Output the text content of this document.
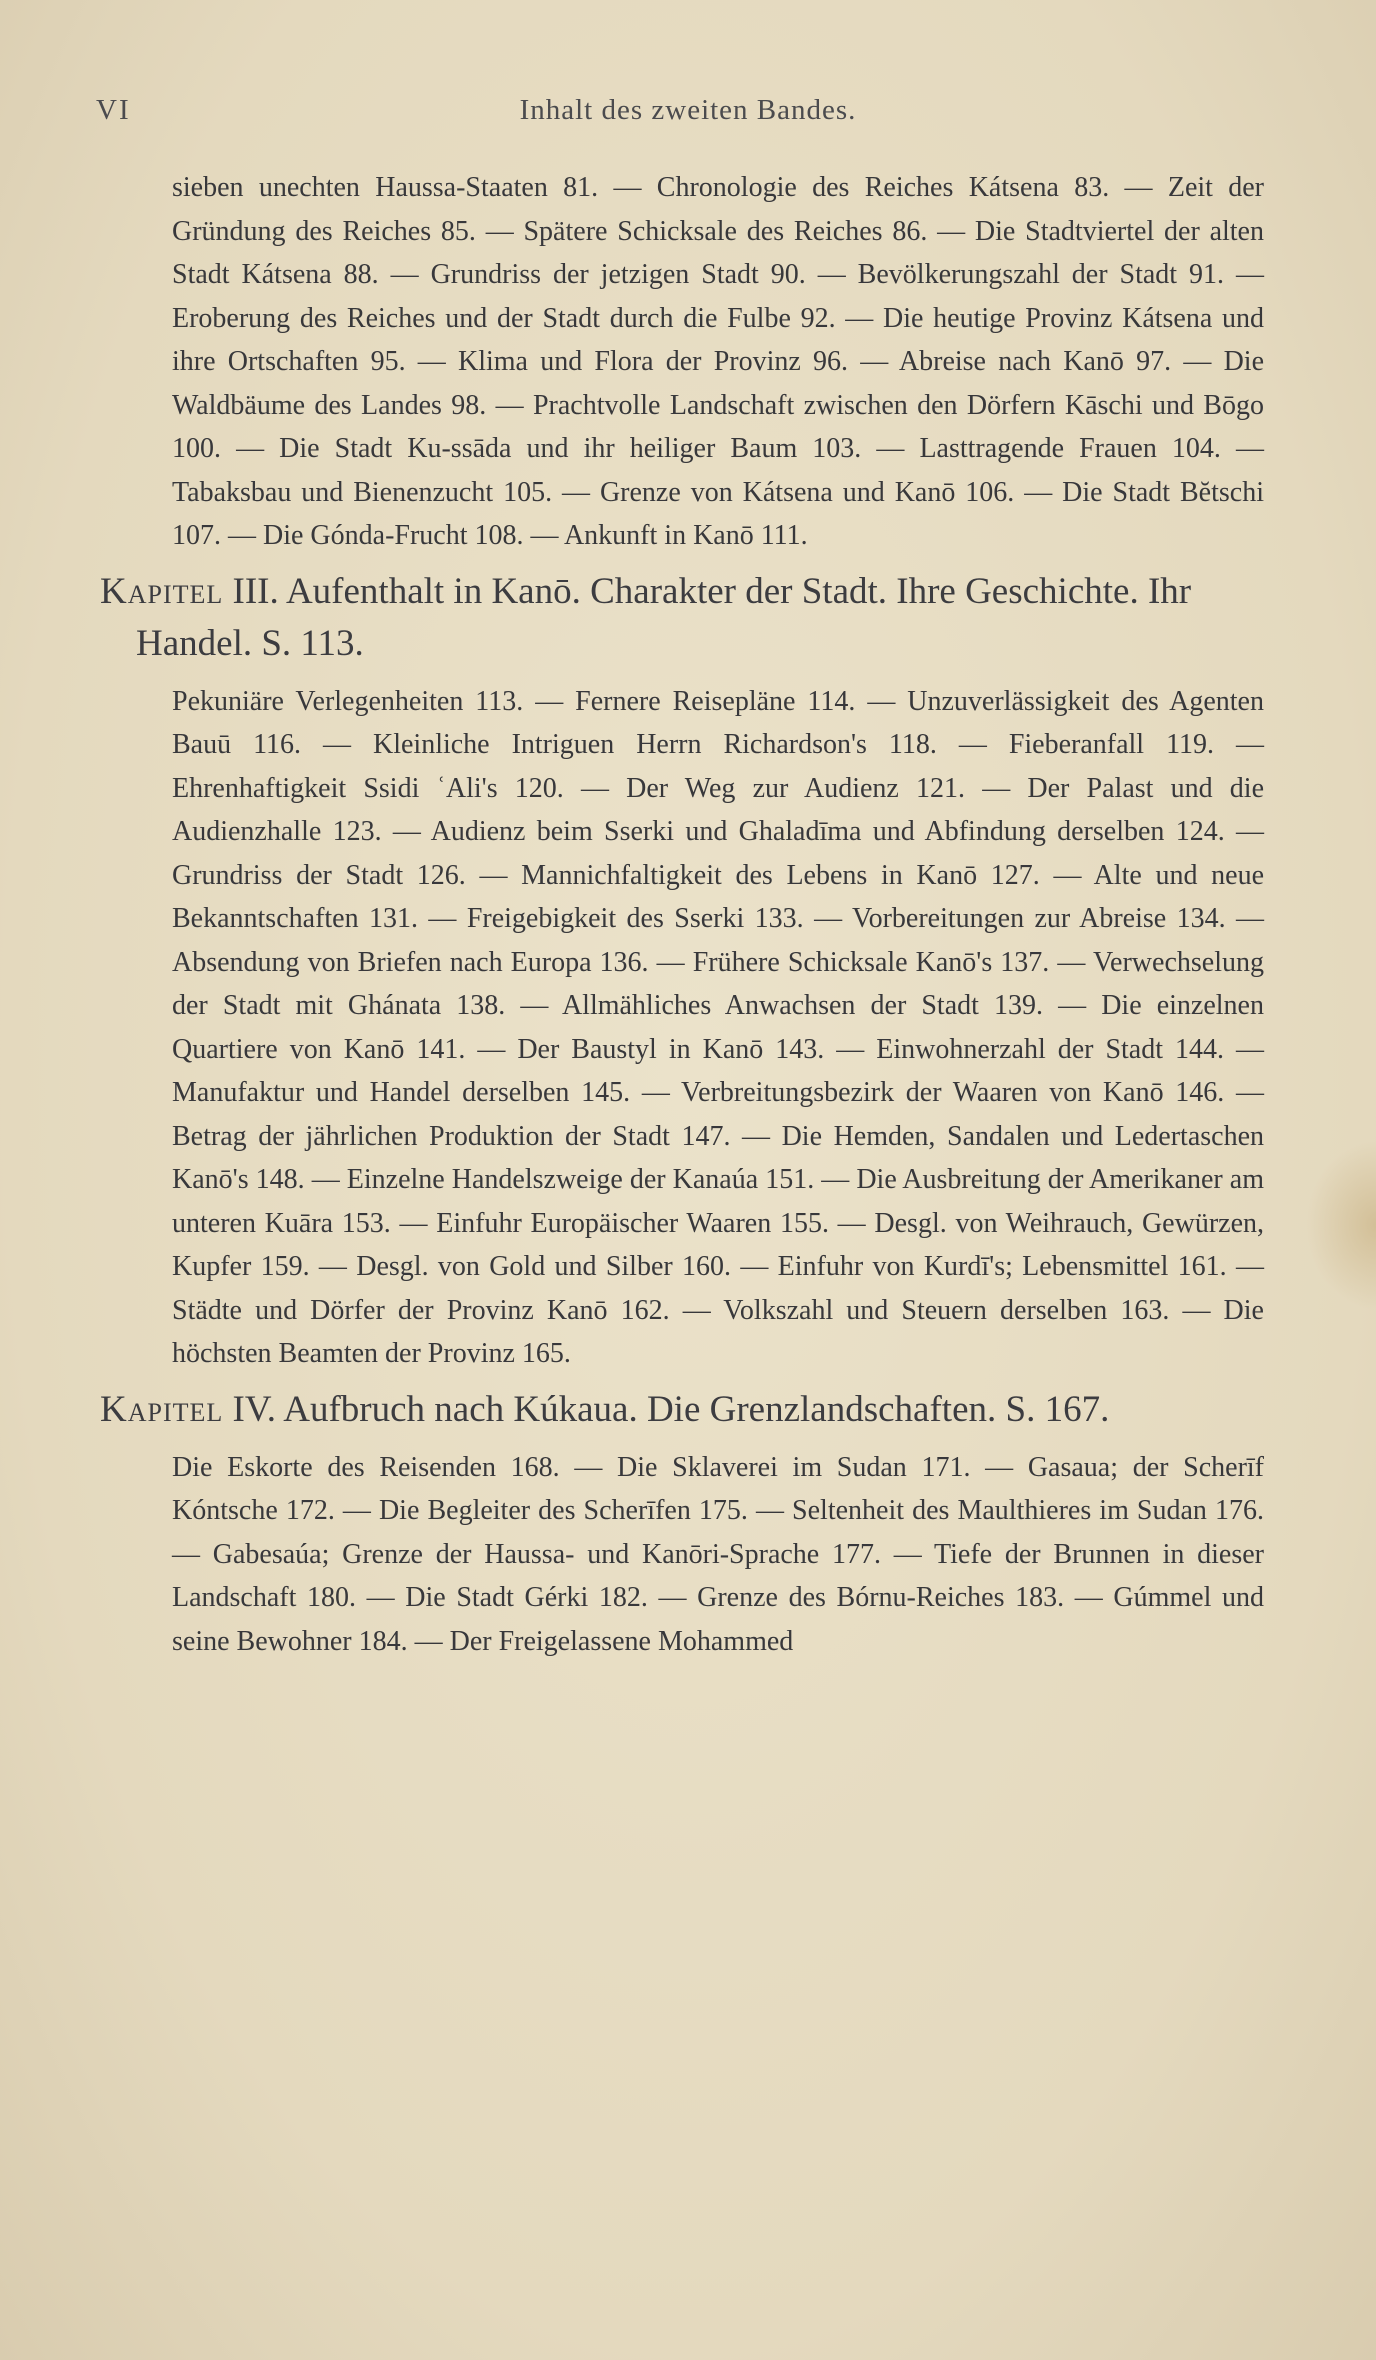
VI	Inhalt des zweiten Bandes.

sieben unechten Haussa-Staaten 81. — Chronologie des Reiches Kátsena 83. — Zeit der Gründung des Reiches 85. — Spätere Schicksale des Reiches 86. — Die Stadtviertel der alten Stadt Kátsena 88. — Grundriss der jetzigen Stadt 90. — Bevölkerungszahl der Stadt 91. — Eroberung des Reiches und der Stadt durch die Fulbe 92. — Die heutige Provinz Kátsena und ihre Ortschaften 95. — Klima und Flora der Provinz 96. — Abreise nach Kanō 97. — Die Waldbäume des Landes 98. — Prachtvolle Landschaft zwischen den Dörfern Kāschi und Bōgo 100. — Die Stadt Ku-ssāda und ihr heiliger Baum 103. — Lasttragende Frauen 104. — Tabaksbau und Bienenzucht 105. — Grenze von Kátsena und Kanō 106. — Die Stadt Bĕtschi 107. — Die Gónda-Frucht 108. — Ankunft in Kanō 111.

Kapitel III. Aufenthalt in Kanō. Charakter der Stadt. Ihre Geschichte. Ihr Handel. S. 113.

Pekuniäre Verlegenheiten 113. — Fernere Reisepläne 114. — Unzuverlässigkeit des Agenten Bauū 116. — Kleinliche Intriguen Herrn Richardson's 118. — Fieberanfall 119. — Ehrenhaftigkeit Ssidi ʿAli's 120. — Der Weg zur Audienz 121. — Der Palast und die Audienzhalle 123. — Audienz beim Sserki und Ghaladīma und Abfindung derselben 124. — Grundriss der Stadt 126. — Mannichfaltigkeit des Lebens in Kanō 127. — Alte und neue Bekanntschaften 131. — Freigebigkeit des Sserki 133. — Vorbereitungen zur Abreise 134. — Absendung von Briefen nach Europa 136. — Frühere Schicksale Kanō's 137. — Verwechselung der Stadt mit Ghánata 138. — Allmähliches Anwachsen der Stadt 139. — Die einzelnen Quartiere von Kanō 141. — Der Baustyl in Kanō 143. — Einwohnerzahl der Stadt 144. — Manufaktur und Handel derselben 145. — Verbreitungsbezirk der Waaren von Kanō 146. — Betrag der jährlichen Produktion der Stadt 147. — Die Hemden, Sandalen und Ledertaschen Kanō's 148. — Einzelne Handelszweige der Kanaúa 151. — Die Ausbreitung der Amerikaner am unteren Kuāra 153. — Einfuhr Europäischer Waaren 155. — Desgl. von Weihrauch, Gewürzen, Kupfer 159. — Desgl. von Gold und Silber 160. — Einfuhr von Kurdī's; Lebensmittel 161. — Städte und Dörfer der Provinz Kanō 162. — Volkszahl und Steuern derselben 163. — Die höchsten Beamten der Provinz 165.

Kapitel IV. Aufbruch nach Kúkaua. Die Grenzlandschaften. S. 167.

Die Eskorte des Reisenden 168. — Die Sklaverei im Sudan 171. — Gasaua; der Scherīf Kóntsche 172. — Die Begleiter des Scherīfen 175. — Seltenheit des Maulthieres im Sudan 176. — Gabesaúa; Grenze der Haussa- und Kanōri-Sprache 177. — Tiefe der Brunnen in dieser Landschaft 180. — Die Stadt Gérki 182. — Grenze des Bórnu-Reiches 183. — Gúmmel und seine Bewohner 184. — Der Freigelassene Mohammed
